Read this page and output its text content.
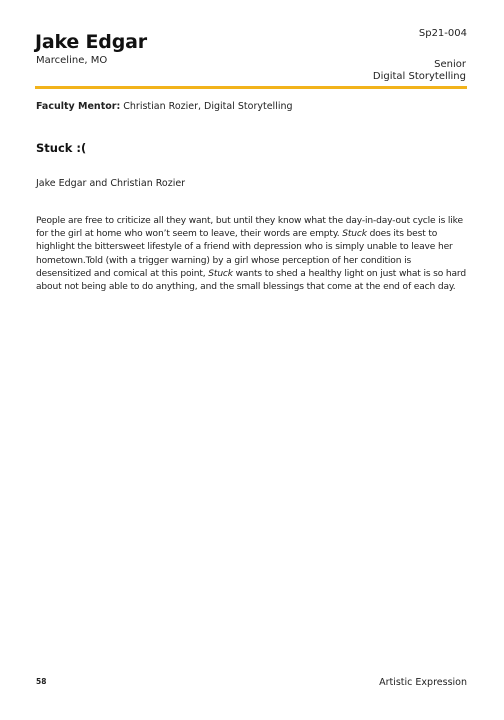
Jake Edgar
Marceline, MO
Sp21-004
Senior
Digital Storytelling
Faculty Mentor: Christian Rozier, Digital Storytelling
Stuck :(
Jake Edgar and Christian Rozier

People are free to criticize all they want, but until they know what the day-in-day-out cycle is like for the girl at home who won’t seem to leave, their words are empty. Stuck does its best to highlight the bittersweet lifestyle of a friend with depression who is simply unable to leave her hometown.Told (with a trigger warning) by a girl whose perception of her condition is desensitized and comical at this point, Stuck wants to shed a healthy light on just what is so hard about not being able to do anything, and the small blessings that come at the end of each day.

58	Artistic Expression
